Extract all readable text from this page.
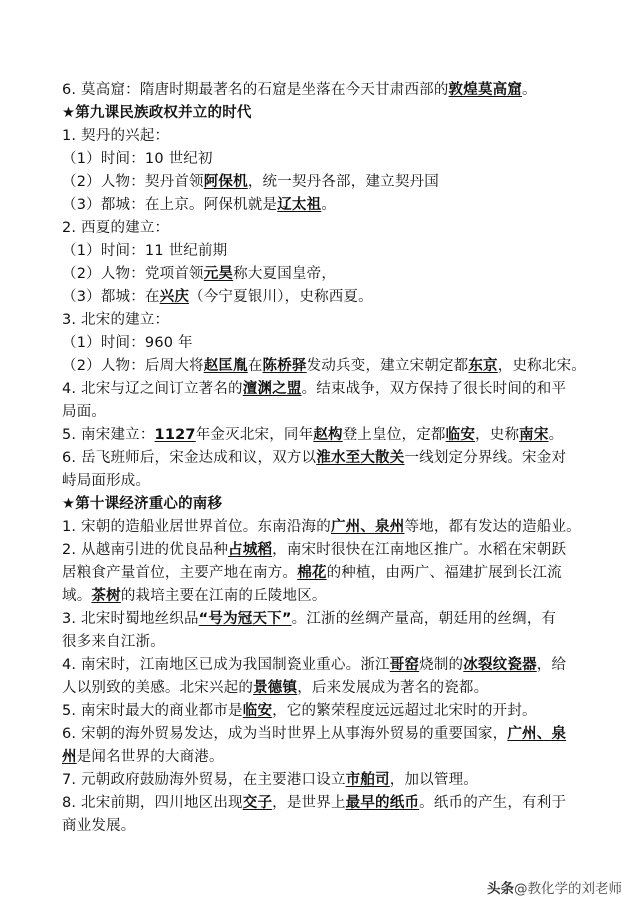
6. 莫高窟：隋唐时期最著名的石窟是坐落在今天甘肃西部的敦煌莫高窟。
★第九课民族政权并立的时代
1. 契丹的兴起：
（1）时间：10 世纪初
（2）人物：契丹首领阿保机，统一契丹各部，建立契丹国
（3）都城：在上京。阿保机就是辽太祖。
2. 西夏的建立：
（1）时间：11 世纪前期
（2）人物：党项首领元昊称大夏国皇帝，
（3）都城：在兴庆（今宁夏银川），史称西夏。
3. 北宋的建立：
（1）时间：960 年
（2）人物：后周大将赵匡胤在陈桥驿发动兵变，建立宋朝定都东京，史称北宋。
4. 北宋与辽之间订立著名的澶渊之盟。结束战争，双方保持了很长时间的和平
局面。
5. 南宋建立：1127年金灭北宋，同年赵构登上皇位，定都临安，史称南宋。
6. 岳飞班师后，宋金达成和议，双方以淮水至大散关一线划定分界线。宋金对
峙局面形成。
★第十课经济重心的南移
1. 宋朝的造船业居世界首位。东南沿海的广州、泉州等地，都有发达的造船业。
2. 从越南引进的优良品种占城稻，南宋时很快在江南地区推广。水稻在宋朝跃
居粮食产量首位，主要产地在南方。棉花的种植，由两广、福建扩展到长江流
域。茶树的栽培主要在江南的丘陵地区。
3. 北宋时蜀地丝织品“号为冠天下”。江浙的丝绸产量高，朝廷用的丝绸，有
很多来自江浙。
4. 南宋时，江南地区已成为我国制瓷业重心。浙江哥窑烧制的冰裂纹瓷器，给
人以别致的美感。北宋兴起的景德镇，后来发展成为著名的瓷都。
5. 南宋时最大的商业都市是临安，它的繁荣程度远远超过北宋时的开封。
6. 宋朝的海外贸易发达，成为当时世界上从事海外贸易的重要国家，广州、泉
州是闻名世界的大商港。
7. 元朝政府鼓励海外贸易，在主要港口设立市舶司，加以管理。
8. 北宋前期，四川地区出现交子，是世界上最早的纸币。纸币的产生，有利于
商业发展。
头条@教化学的刘老师
